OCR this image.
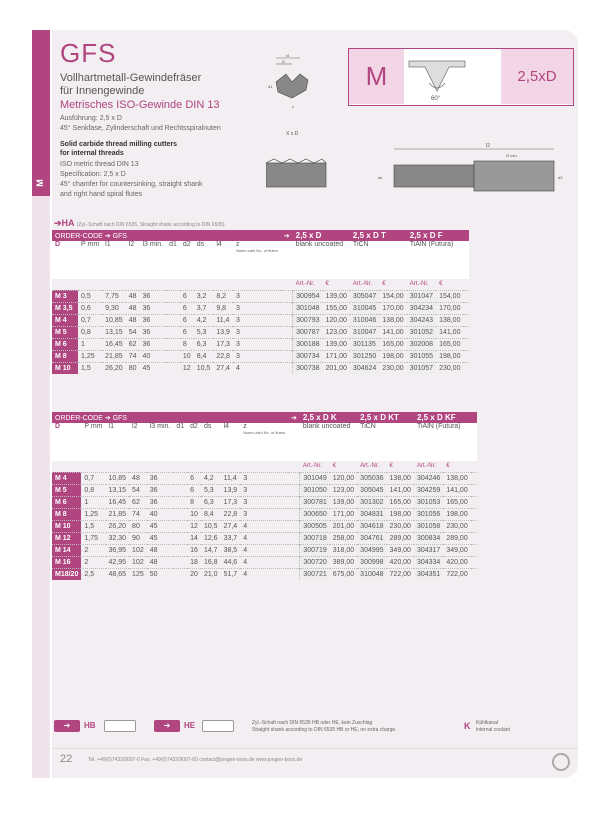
M
GFS
Vollhartmetall-Gewindefräser
für Innengewinde
Metrisches ISO-Gewinde DIN 13
Ausführung: 2,5 x D
45° Senkfase, Zylinderschaft und Rechtsspiralnuten
Solid carbide thread milling cutters
for internal threads
ISO metric thread DIN 13
Specification: 2,5 x D
45° chamfer for countersinking, straight shank
and right hand spiral flutes
l4
l1
d1
x
M
60°
2,5xD
X x D
l2
l3 min.
d2
ds
➔HA (Zyl.-Schaft nach DIN 6535, Straight shank according to DIN 6535)
ORDER-CODE ➔ GFS										➔	2,5 x D		2,5 x D T		2,5 x D F		
D	P mm	l1	l2	l3 min.	d1	d2	ds	l4	z
Nuten-zahl No. of flutes		blank uncoated		TiCN		TiAlN (Futura)		
											Art.-Nr.	€	Art.-Nr.	€	Art.-Nr.	€	
M 3	0,5	7,75	48	36		6	3,2	8,2	3		300954	139,00	305047	154,00	301047	154,00	
M 3,5	0,6	9,30	48	36		6	3,7	9,8	3		301048	155,00	310045	170,00	304234	170,00	
M 4	0,7	10,85	48	36		6	4,2	11,4	3		300793	120,00	310046	138,00	304243	138,00	
M 5	0,8	13,15	54	36		6	5,3	13,9	3		300787	123,00	310047	141,00	301052	141,00	
M 6	1	16,45	62	36		8	6,3	17,3	3		300188	139,00	301135	165,00	302008	165,00	
M 8	1,25	21,85	74	40		10	8,4	22,8	3		300734	171,00	301250	198,00	301055	198,00	
M 10	1,5	26,20	80	45		12	10,5	27,4	4		300738	201,00	304624	230,00	301057	230,00	
ORDER-CODE ➔ GFS										➔	2,5 x D K		2,5 x D KT		2,5 x D KF		
D	P mm	l1	l2	l3 min.	d1	d2	ds	l4	z
Nuten-zahl No. of flutes		blank uncoated		TiCN		TiAlN (Futura)		
											Art.-Nr.	€	Art.-Nr.	€	Art.-Nr.	€	
M 4	0,7	10,85	48	36		6	4,2	11,4	3		301049	120,00	305036	138,00	304246	138,00	
M 5	0,8	13,15	54	36		6	5,3	13,9	3		301050	123,00	305045	141,00	304259	141,00	
M 6	1	16,45	62	36		8	6,3	17,3	3		300781	139,00	301302	165,00	301053	165,00	
M 8	1,25	21,85	74	40		10	8,4	22,8	3		300650	171,00	304831	198,00	301056	198,00	
M 10	1,5	26,20	80	45		12	10,5	27,4	4		300505	201,00	304618	230,00	301058	230,00	
M 12	1,75	32,30	90	45		14	12,6	33,7	4		300718	258,00	304761	289,00	300834	289,00	
M 14	2	36,95	102	48		16	14,7	38,5	4		300719	318,00	304995	349,00	304317	349,00	
M 16	2	42,95	102	48		18	16,8	44,6	4		300720	389,00	300998	420,00	304334	420,00	
M18/20	2,5	48,65	125	50		20	21,0	51,7	4		300721	675,00	310048	722,00	304351	722,00	
➔	HB	➔	HE	Zyl.-Schaft nach DIN 6535 HB oder HE, kein Zuschlag
Straight shank according to DIN 6535 HB or HE, no extra charge.	K Kühlkanal
internal coolant
22	Tel. +49(0)7432/9097-0 Fax. +49(0)7432/9097-60 contact@jongen-boss.de www.jongen-boss.de
